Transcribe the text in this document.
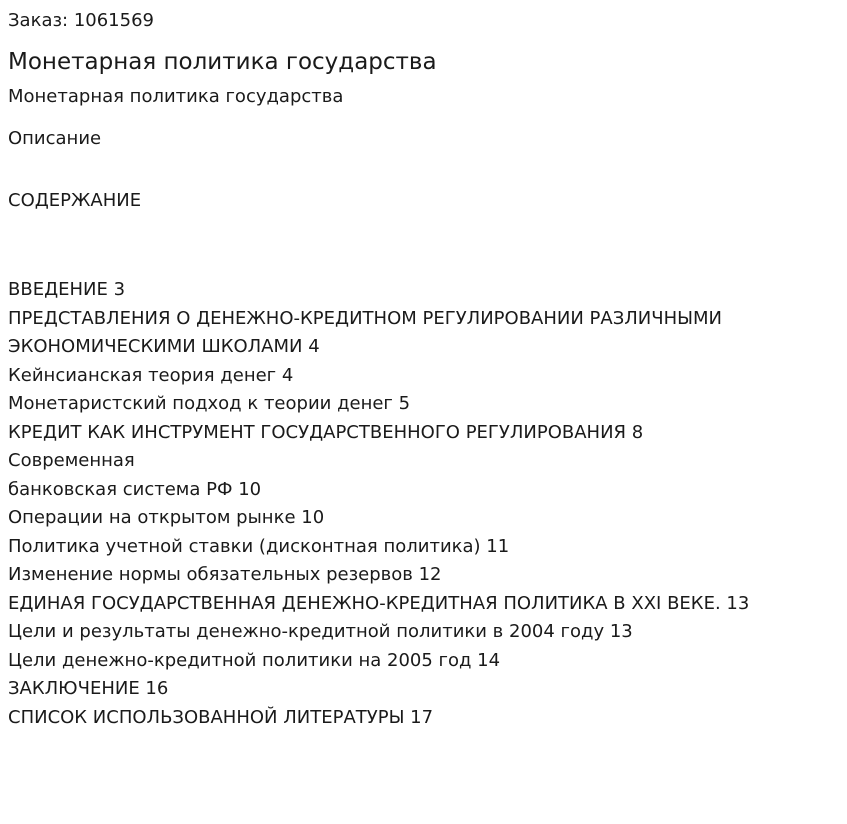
Заказ: 1061569

Монетарная политика государства

Монетарная политика государства

Описание

СОДЕРЖАНИЕ

ВВЕДЕНИЕ 3
ПРЕДСТАВЛЕНИЯ О ДЕНЕЖНО-КРЕДИТНОМ РЕГУЛИРОВАНИИ РАЗЛИЧНЫМИ
ЭКОНОМИЧЕСКИМИ ШКОЛАМИ 4
Кейнсианская теория денег 4
Монетаристский подход к теории денег 5
КРЕДИТ КАК ИНСТРУМЕНТ ГОСУДАРСТВЕННОГО РЕГУЛИРОВАНИЯ 8
Современная
банковская система РФ 10
Операции на открытом рынке 10
Политика учетной ставки (дисконтная политика) 11
Изменение нормы обязательных резервов 12
ЕДИНАЯ ГОСУДАРСТВЕННАЯ ДЕНЕЖНО-КРЕДИТНАЯ ПОЛИТИКА В XXI ВЕКЕ. 13
Цели и результаты денежно-кредитной политики в 2004 году 13
Цели денежно-кредитной политики на 2005 год 14
ЗАКЛЮЧЕНИЕ 16
СПИСОК ИСПОЛЬЗОВАННОЙ ЛИТЕРАТУРЫ 17
